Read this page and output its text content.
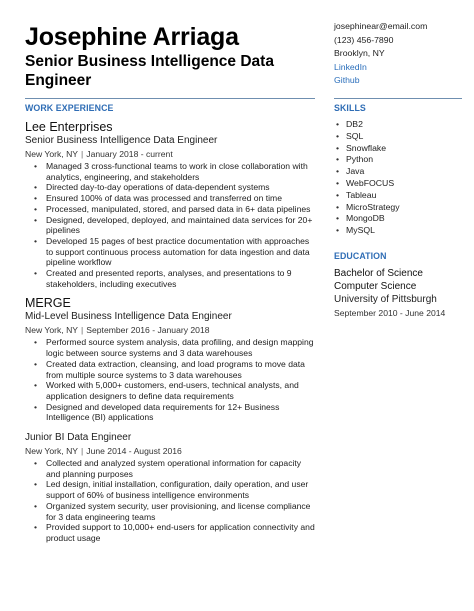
Josephine Arriaga
Senior Business Intelligence Data Engineer
josephinear@email.com
(123) 456-7890
Brooklyn, NY
LinkedIn
Github
WORK EXPERIENCE
Lee Enterprises
Senior Business Intelligence Data Engineer
New York, NY | January 2018 - current
• Managed 3 cross-functional teams to work in close collaboration with analytics, engineering, and stakeholders
• Directed day-to-day operations of data-dependent systems
• Ensured 100% of data was processed and transferred on time
• Processed, manipulated, stored, and parsed data in 6+ data pipelines
• Designed, developed, deployed, and maintained data services for 20+ pipelines
• Developed 15 pages of best practice documentation with approaches to support continuous process automation for data ingestion and data pipeline workflow
• Created and presented reports, analyses, and presentations to 9 stakeholders, including executives
MERGE
Mid-Level Business Intelligence Data Engineer
New York, NY | September 2016 - January 2018
• Performed source system analysis, data profiling, and design mapping logic between source systems and 3 data warehouses
• Created data extraction, cleansing, and load programs to move data from multiple source systems to 3 data warehouses
• Worked with 5,000+ customers, end-users, technical analysts, and application designers to define data requirements
• Designed and developed data requirements for 12+ Business Intelligence (BI) applications
Junior BI Data Engineer
New York, NY | June 2014 - August 2016
• Collected and analyzed system operational information for capacity and planning purposes
• Led design, initial installation, configuration, daily operation, and user support of 60% of business intelligence environments
• Organized system security, user provisioning, and license compliance for 3 data engineering teams
• Provided support to 10,000+ end-users for application connectivity and product usage
SKILLS
• DB2
• SQL
• Snowflake
• Python
• Java
• WebFOCUS
• Tableau
• MicroStrategy
• MongoDB
• MySQL
EDUCATION
Bachelor of Science
Computer Science
University of Pittsburgh
September 2010 - June 2014
